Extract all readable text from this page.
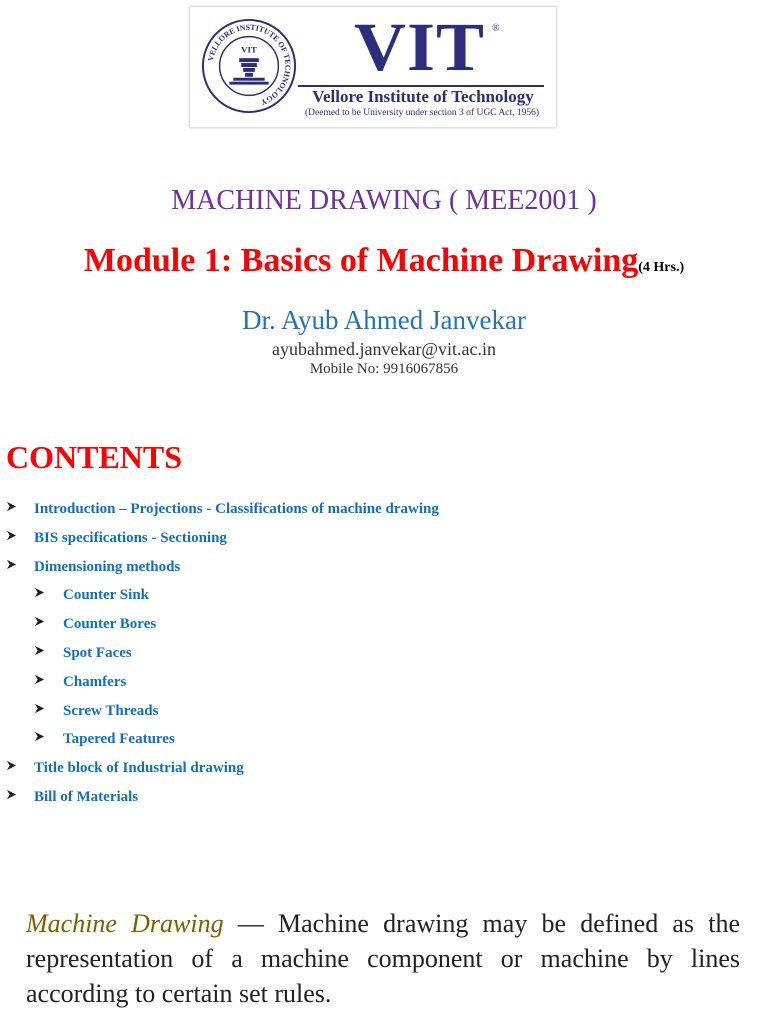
VELLORE INSTITUTE OF TECHNOLOGY
VIT VIT ®
Vellore Institute of Technology
(Deemed to be University under section 3 of UGC Act, 1956)
MACHINE DRAWING ( MEE2001 )
Module 1: Basics of Machine Drawing(4 Hrs.)
Dr. Ayub Ahmed Janvekar
ayubahmed.janvekar@vit.ac.in
Mobile No: 9916067856
CONTENTS
Introduction – Projections - Classifications of machine drawing
BIS specifications - Sectioning
Dimensioning methods
Counter Sink
Counter Bores
Spot Faces
Chamfers
Screw Threads
Tapered Features
Title block of Industrial drawing
Bill of Materials
Machine Drawing — Machine drawing may be defined as the representation of a machine component or machine by lines according to certain set rules.
